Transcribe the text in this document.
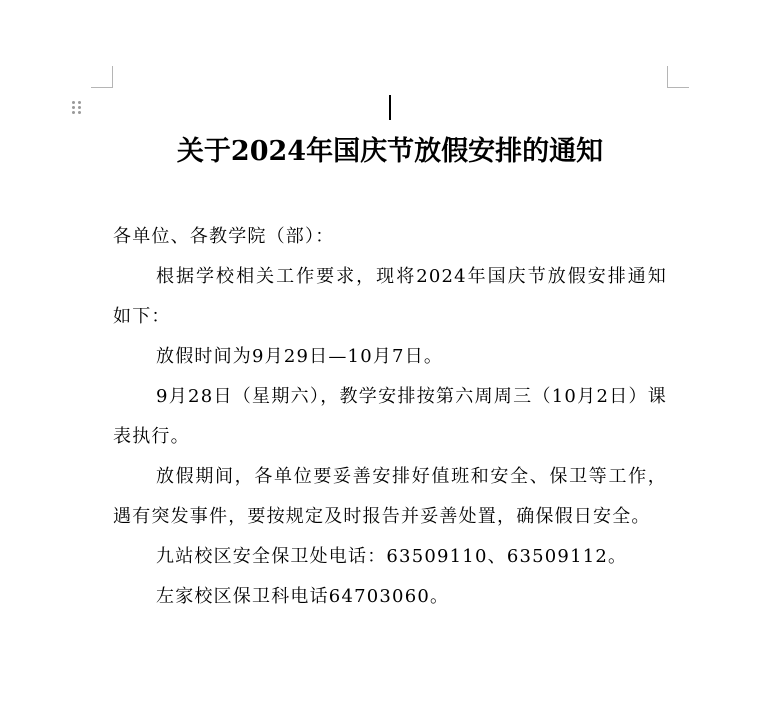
关于2024年国庆节放假安排的通知

各单位、各教学院（部）：

根据学校相关工作要求，现将2024年国庆节放假安排通知如下：

放假时间为9月29日—10月7日。

9月28日（星期六），教学安排按第六周周三（10月2日）课表执行。

放假期间，各单位要妥善安排好值班和安全、保卫等工作，遇有突发事件，要按规定及时报告并妥善处置，确保假日安全。

九站校区安全保卫处电话：63509110、63509112。

左家校区保卫科电话64703060。
